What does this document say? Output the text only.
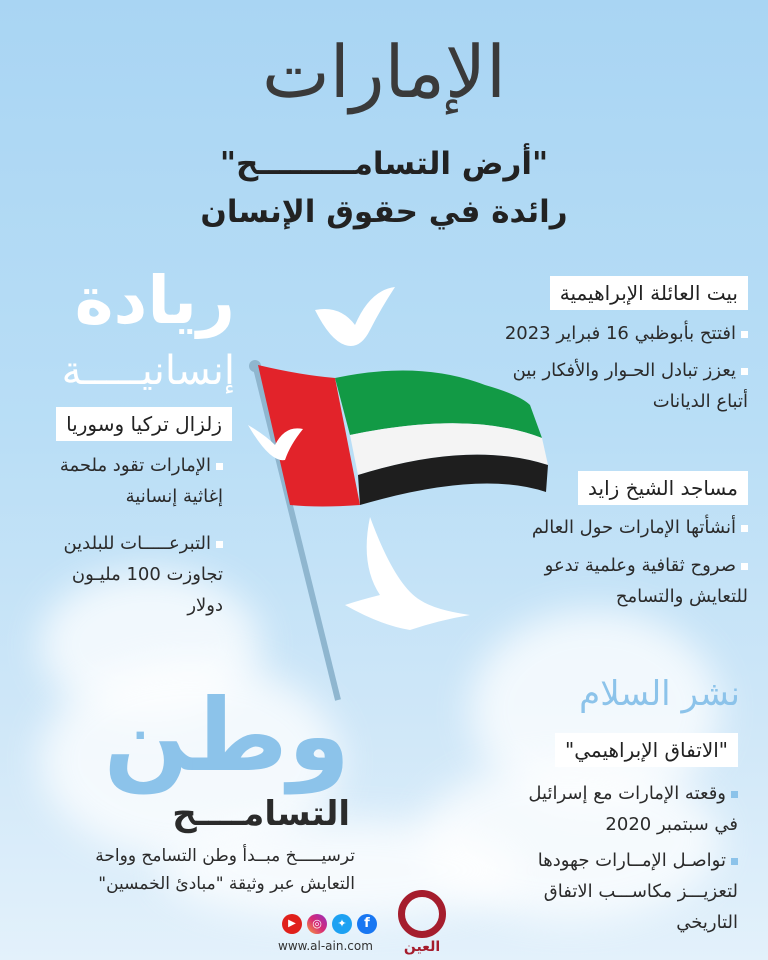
الإمارات
"أرض التسامـــــــــح"
رائدة في حقوق الإنسان
ريادة
إنسانيـــــة
زلزال تركيا وسوريا
الإمارات تقود ملحمة
إغاثية إنسانية
التبرعـــــات للبلدين
تجاوزت 100 مليـون
دولار
بيت العائلة الإبراهيمية
افتتح بأبوظبي 16 فبراير 2023
يعزز تبادل الحـوار والأفكار بين
أتباع الديانات
مساجد الشيخ زايد
أنشأتها الإمارات حول العالم
صروح ثقافية وعلمية تدعو
للتعايش والتسامح
نشر السلام
"الاتفاق الإبراهيمي"
وقعته الإمارات مع إسرائيل
في سبتمبر 2020
تواصـل الإمــارات جهودها
لتعزيـــز مكاســـب الاتفاق
التاريخي
وطن
التسامــــح
ترسيـــــخ مبــدأ وطن التسامح وواحة
التعايش عبر وثيقة "مبادئ الخمسين"
العين
▶	◎	✦	f
www.al-ain.com
